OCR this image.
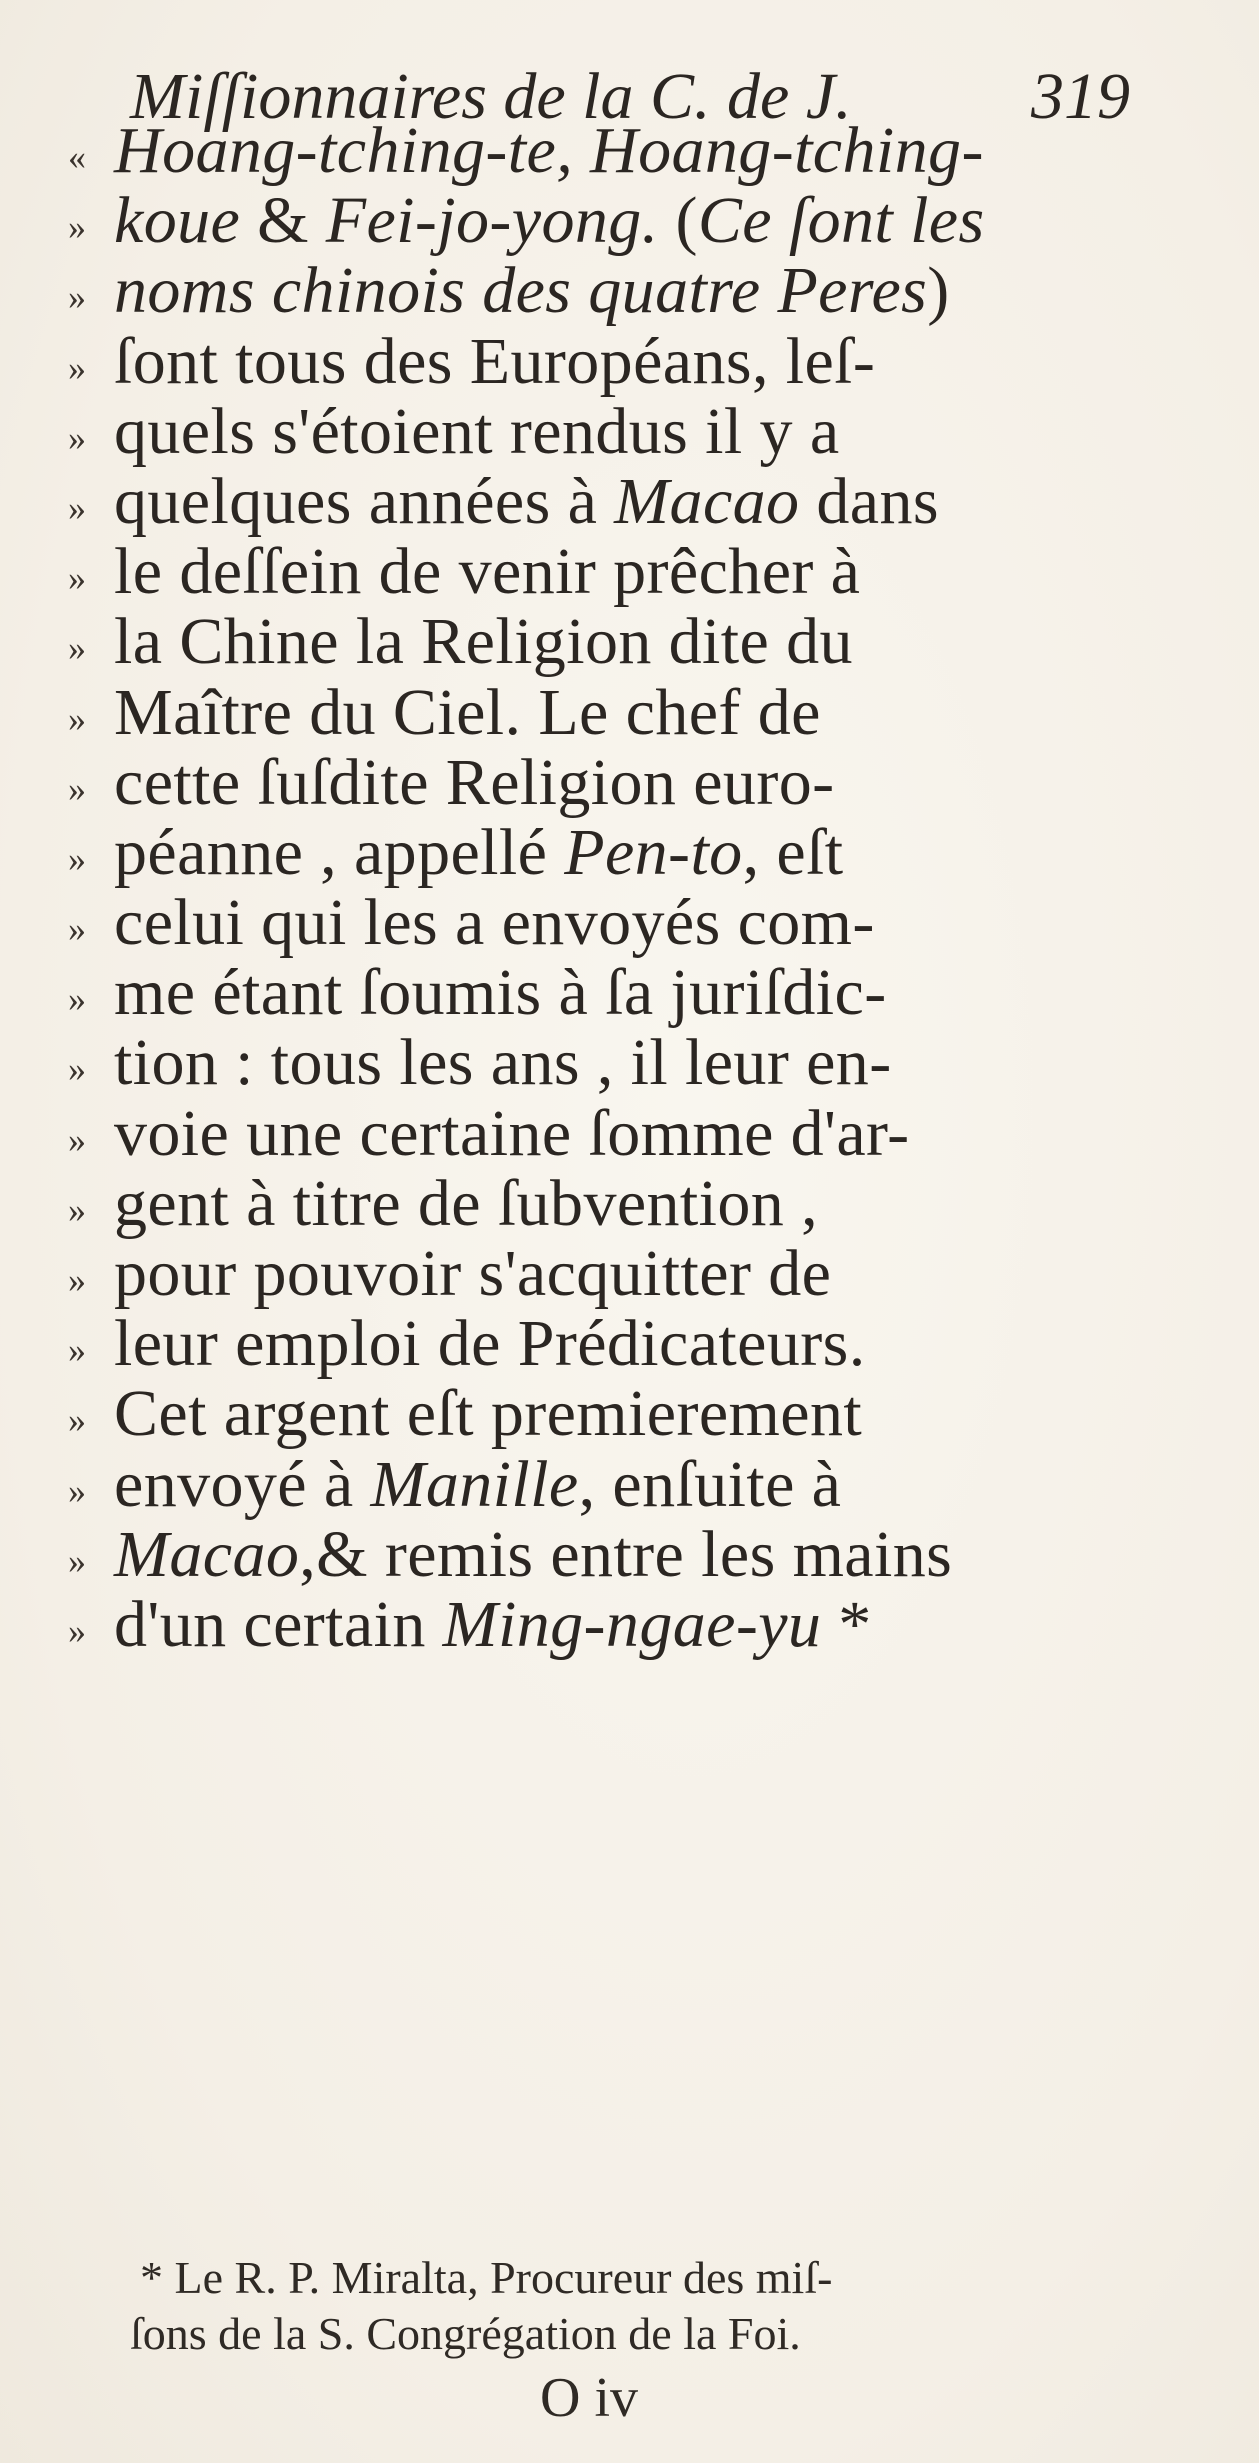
Miſſionnaires de la C. de J.	319
« Hoang-tching-te, Hoang-tching-
» koue & Fei-jo-yong. (Ce ſont les
» noms chinois des quatre Peres)
» ſont tous des Européans, leſ-
» quels s'étoient rendus il y a
» quelques années à Macao dans
» le deſſein de venir prêcher à
» la Chine la Religion dite du
» Maître du Ciel. Le chef de
» cette ſuſdite Religion euro-
» péanne , appellé Pen-to, eſt
» celui qui les a envoyés com-
» me étant ſoumis à ſa juriſdic-
» tion : tous les ans , il leur en-
» voie une certaine ſomme d'ar-
» gent à titre de ſubvention ,
» pour pouvoir s'acquitter de
» leur emploi de Prédicateurs.
» Cet argent eſt premierement
» envoyé à Manille, enſuite à
» Macao,& remis entre les mains
» d'un certain Ming-ngae-yu *
* Le R. P. Miralta, Procureur des miſ-
ſons de la S. Congrégation de la Foi.
O iv
